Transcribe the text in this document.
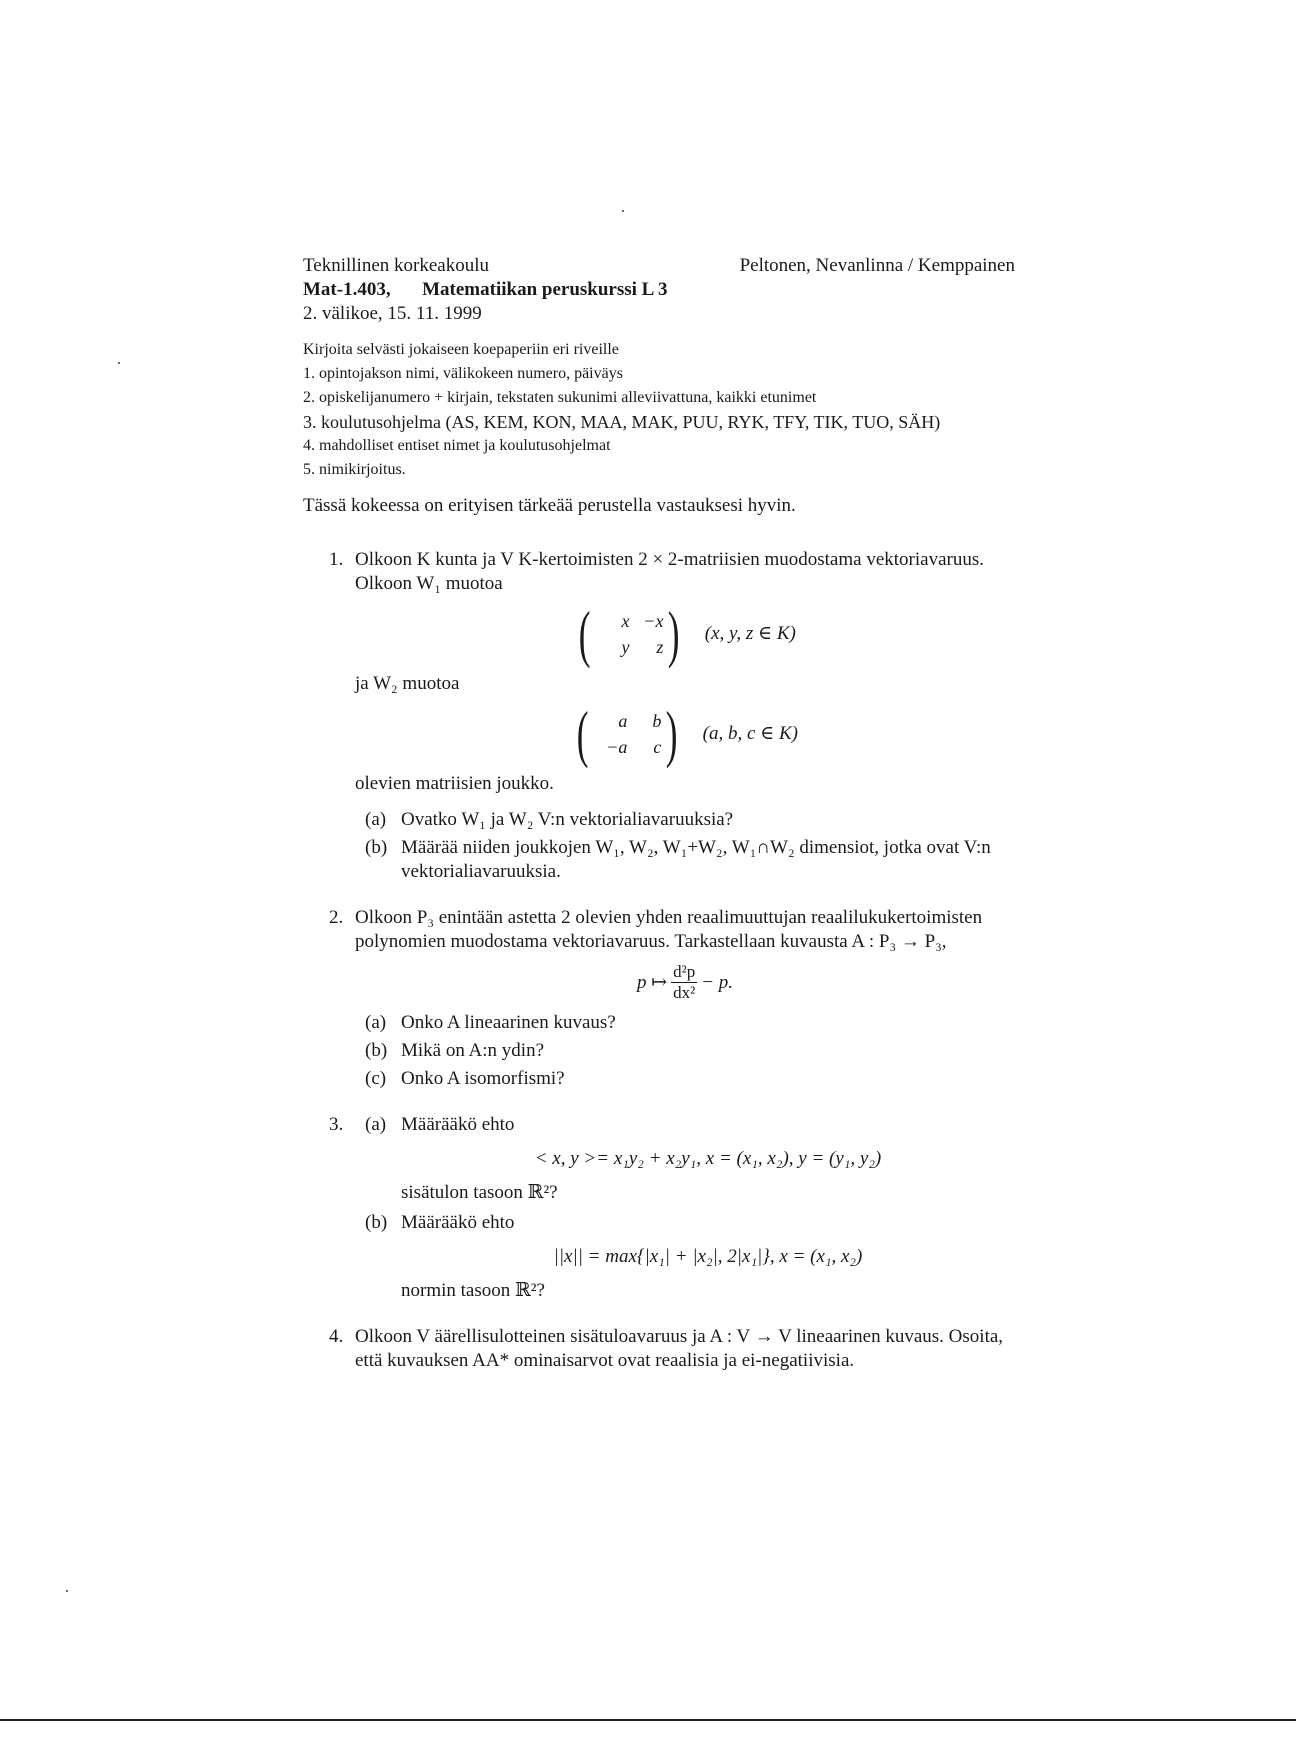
Teknillinen korkeakoulu	Peltonen, Nevanlinna / Kemppainen
Mat-1.403, Matematiikan peruskurssi L 3
2. välikoe, 15. 11. 1999
Kirjoita selvästi jokaiseen koepaperiin eri riveille
1. opintojakson nimi, välikokeen numero, päiväys
2. opiskelijanumero + kirjain, tekstaten sukunimi alleviivattuna, kaikki etunimet
3. koulutusohjelma (AS, KEM, KON, MAA, MAK, PUU, RYK, TFY, TIK, TUO, SÄH)
4. mahdolliset entiset nimet ja koulutusohjelmat
5. nimikirjoitus.
Tässä kokeessa on erityisen tärkeää perustella vastauksesi hyvin.
1. Olkoon K kunta ja V K-kertoimisten 2 × 2-matriisien muodostama vektoriavaruus. Olkoon W₁ muotoa
(	x −x
y	z ) (x, y, z ∈ K)
ja W₂ muotoa
(	a	b
−a	c ) (a, b, c ∈ K)
olevien matriisien joukko.
(a) Ovatko W₁ ja W₂ V:n vektorialiavaruuksia?
(b) Määrää niiden joukkojen W₁, W₂, W₁+W₂, W₁∩W₂ dimensiot, jotka ovat V:n vektorialiavaruuksia.
2. Olkoon P₃ enintään astetta 2 olevien yhden reaalimuuttujan reaalilukukertoimisten polynomien muodostama vektoriavaruus. Tarkastellaan kuvausta A : P₃ → P₃,
p ↦ $\frac{\text{d²p}}{\text{dx²}} - p$.
(a) Onko A lineaarinen kuvaus?
(b) Mikä on A:n ydin?
(c) Onko A isomorfismi?
3. (a) Määrääkö ehto
< x, y >= x₁y₂ + x₂y₁, x = (x₁, x₂), y = (y₁, y₂)
sisätulon tasoon ℝ²?
(b) Määrääkö ehto
||x|| = max{|x₁| + |x₂|, 2|x₁|}, x = (x₁, x₂)
normin tasoon ℝ²?
4. Olkoon V äärellisulotteinen sisätuloavaruus ja A : V → V lineaarinen kuvaus. Osoita, että kuvauksen AA* ominaisarvot ovat reaalisia ja ei-negatiivisia.
